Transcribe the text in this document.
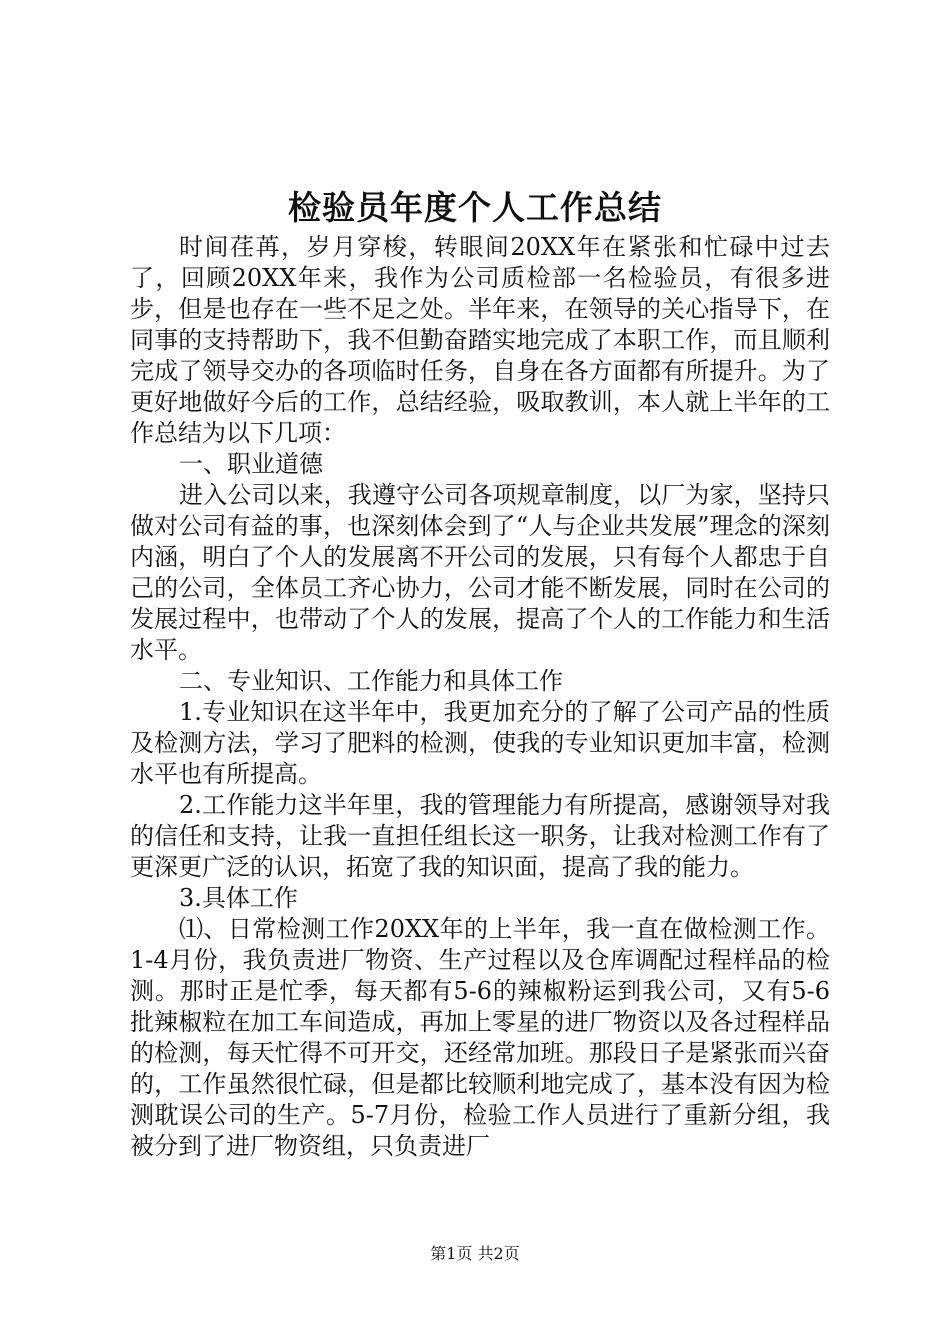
检验员年度个人工作总结

时间荏苒，岁月穿梭，转眼间20XX年在紧张和忙碌中过去了，回顾20XX年来，我作为公司质检部一名检验员，有很多进步，但是也存在一些不足之处。半年来，在领导的关心指导下，在同事的支持帮助下，我不但勤奋踏实地完成了本职工作，而且顺利完成了领导交办的各项临时任务，自身在各方面都有所提升。为了更好地做好今后的工作，总结经验，吸取教训，本人就上半年的工作总结为以下几项：

一、职业道德

进入公司以来，我遵守公司各项规章制度，以厂为家，坚持只做对公司有益的事，也深刻体会到了“人与企业共发展”理念的深刻内涵，明白了个人的发展离不开公司的发展，只有每个人都忠于自己的公司，全体员工齐心协力，公司才能不断发展，同时在公司的发展过程中，也带动了个人的发展，提高了个人的工作能力和生活水平。

二、专业知识、工作能力和具体工作

1.专业知识在这半年中，我更加充分的了解了公司产品的性质及检测方法，学习了肥料的检测，使我的专业知识更加丰富，检测水平也有所提高。

2.工作能力这半年里，我的管理能力有所提高，感谢领导对我的信任和支持，让我一直担任组长这一职务，让我对检测工作有了更深更广泛的认识，拓宽了我的知识面，提高了我的能力。

3.具体工作

⑴、日常检测工作20XX年的上半年，我一直在做检测工作。1-4月份，我负责进厂物资、生产过程以及仓库调配过程样品的检测。那时正是忙季，每天都有5-6的辣椒粉运到我公司，又有5-6批辣椒粒在加工车间造成，再加上零星的进厂物资以及各过程样品的检测，每天忙得不可开交，还经常加班。那段日子是紧张而兴奋的，工作虽然很忙碌，但是都比较顺利地完成了，基本没有因为检测耽误公司的生产。5-7月份，检验工作人员进行了重新分组，我被分到了进厂物资组，只负责进厂

第1页 共2页
